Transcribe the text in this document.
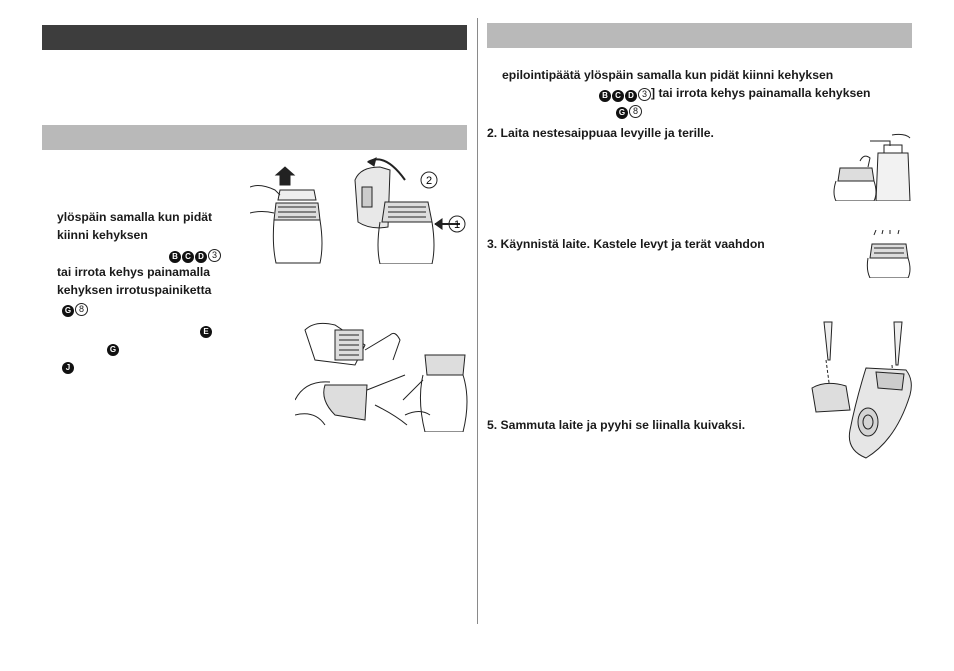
ylöspäin samalla kun pidät
kiinni kehyksen
B C D 3
tai irrota kehys painamalla
kehyksen irrotuspainiketta
G 8
E
G
J
2
1
epilointipäätä ylöspäin samalla kun pidät kiinni kehyksen
B C D 3 ] tai irrota kehys painamalla kehyksen
G 8
2. Laita nestesaippuaa levyille ja terille.
3. Käynnistä laite. Kastele levyt ja terät vaahdon
5. Sammuta laite ja pyyhi se liinalla kuivaksi.
